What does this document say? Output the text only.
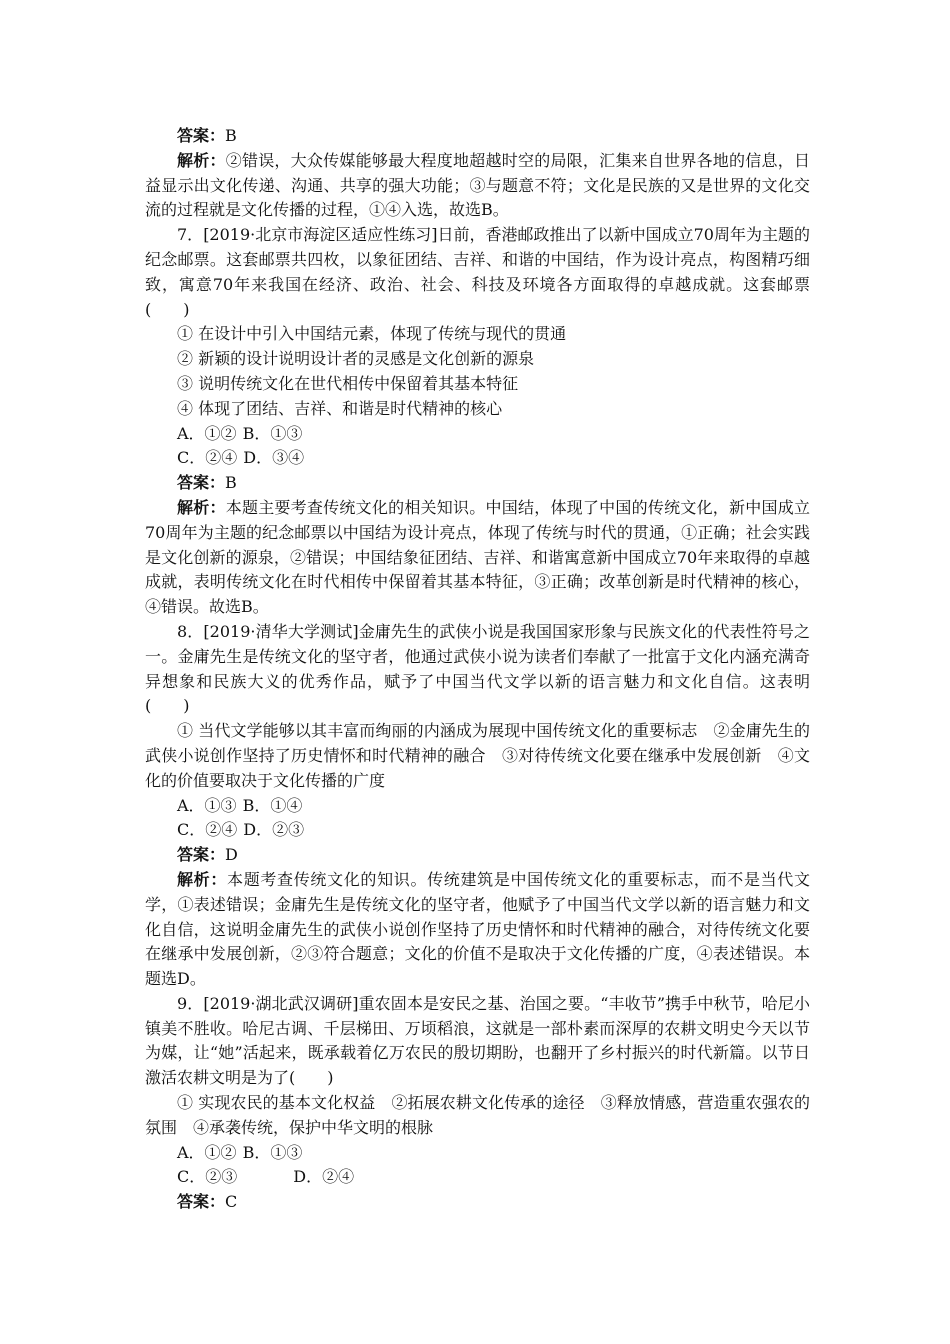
答案：B

解析：②错误，大众传媒能够最大程度地超越时空的局限，汇集来自世界各地的信息，日益显示出文化传递、沟通、共享的强大功能；③与题意不符；文化是民族的又是世界的文化交流的过程就是文化传播的过程，①④入选，故选B。

7．[2019·北京市海淀区适应性练习]日前，香港邮政推出了以新中国成立70周年为主题的纪念邮票。这套邮票共四枚，以象征团结、吉祥、和谐的中国结，作为设计亮点，构图精巧细致，寓意70年来我国在经济、政治、社会、科技及环境各方面取得的卓越成就。这套邮票(　　)

① 在设计中引入中国结元素，体现了传统与现代的贯通

② 新颖的设计说明设计者的灵感是文化创新的源泉

③ 说明传统文化在世代相传中保留着其基本特征

④ 体现了团结、吉祥、和谐是时代精神的核心

A．①② B．①③

C．②④ D．③④

答案：B

解析：本题主要考查传统文化的相关知识。中国结，体现了中国的传统文化，新中国成立70周年为主题的纪念邮票以中国结为设计亮点，体现了传统与时代的贯通，①正确；社会实践是文化创新的源泉，②错误；中国结象征团结、吉祥、和谐寓意新中国成立70年来取得的卓越成就，表明传统文化在时代相传中保留着其基本特征，③正确；改革创新是时代精神的核心，④错误。故选B。

8．[2019·清华大学测试]金庸先生的武侠小说是我国国家形象与民族文化的代表性符号之一。金庸先生是传统文化的坚守者，他通过武侠小说为读者们奉献了一批富于文化内涵充满奇异想象和民族大义的优秀作品，赋予了中国当代文学以新的语言魅力和文化自信。这表明(　　)

① 当代文学能够以其丰富而绚丽的内涵成为展现中国传统文化的重要标志　②金庸先生的武侠小说创作坚持了历史情怀和时代精神的融合　③对待传统文化要在继承中发展创新　④文化的价值要取决于文化传播的广度

A．①③ B．①④

C．②④ D．②③

答案：D

解析：本题考查传统文化的知识。传统建筑是中国传统文化的重要标志，而不是当代文学，①表述错误；金庸先生是传统文化的坚守者，他赋予了中国当代文学以新的语言魅力和文化自信，这说明金庸先生的武侠小说创作坚持了历史情怀和时代精神的融合，对待传统文化要在继承中发展创新，②③符合题意；文化的价值不是取决于文化传播的广度，④表述错误。本题选D。

9．[2019·湖北武汉调研]重农固本是安民之基、治国之要。“丰收节”携手中秋节，哈尼小镇美不胜收。哈尼古调、千层梯田、万顷稻浪，这就是一部朴素而深厚的农耕文明史今天以节为媒，让“她”活起来，既承载着亿万农民的殷切期盼，也翻开了乡村振兴的时代新篇。以节日激活农耕文明是为了(　　)

① 实现农民的基本文化权益　②拓展农耕文化传承的途径　③释放情感，营造重农强农的氛围　④承袭传统，保护中华文明的根脉

A．①② B．①③

C．②③	D．②④

答案：C
